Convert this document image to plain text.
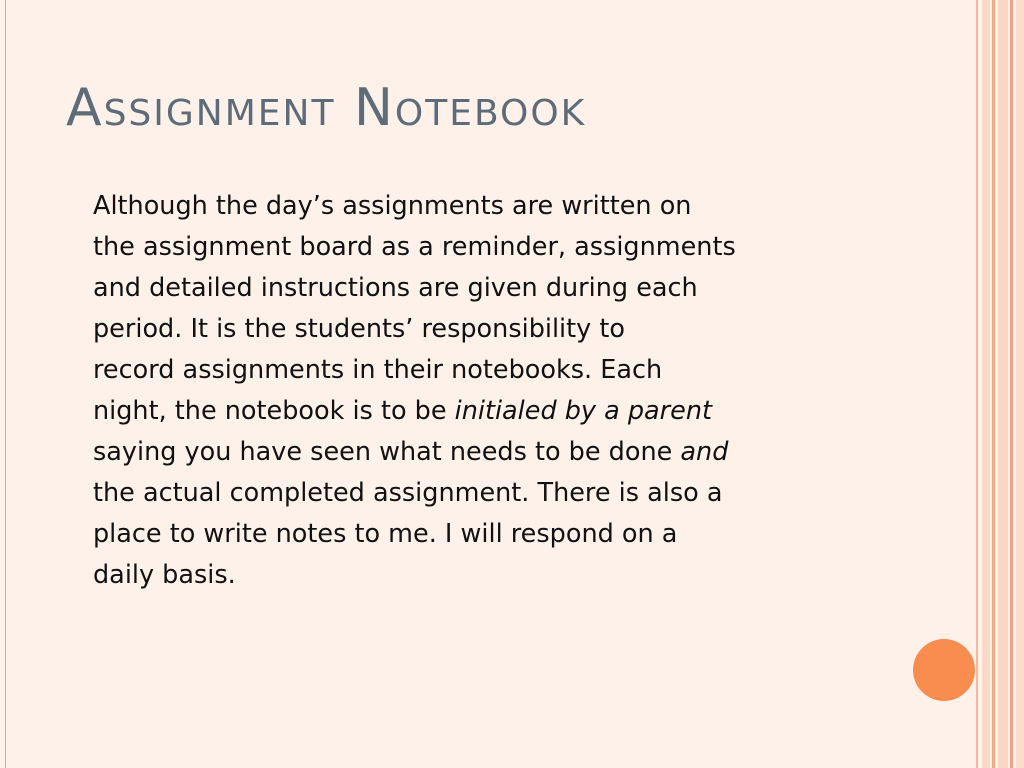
Assignment Notebook

Although the day’s assignments are written on

the assignment board as a reminder, assignments

and detailed instructions are given during each

period. It is the students’ responsibility to

record assignments in their notebooks. Each

night, the notebook is to be initialed by a parent

saying you have seen what needs to be done and

the actual completed assignment. There is also a

place to write notes to me. I will respond on a

daily basis.
